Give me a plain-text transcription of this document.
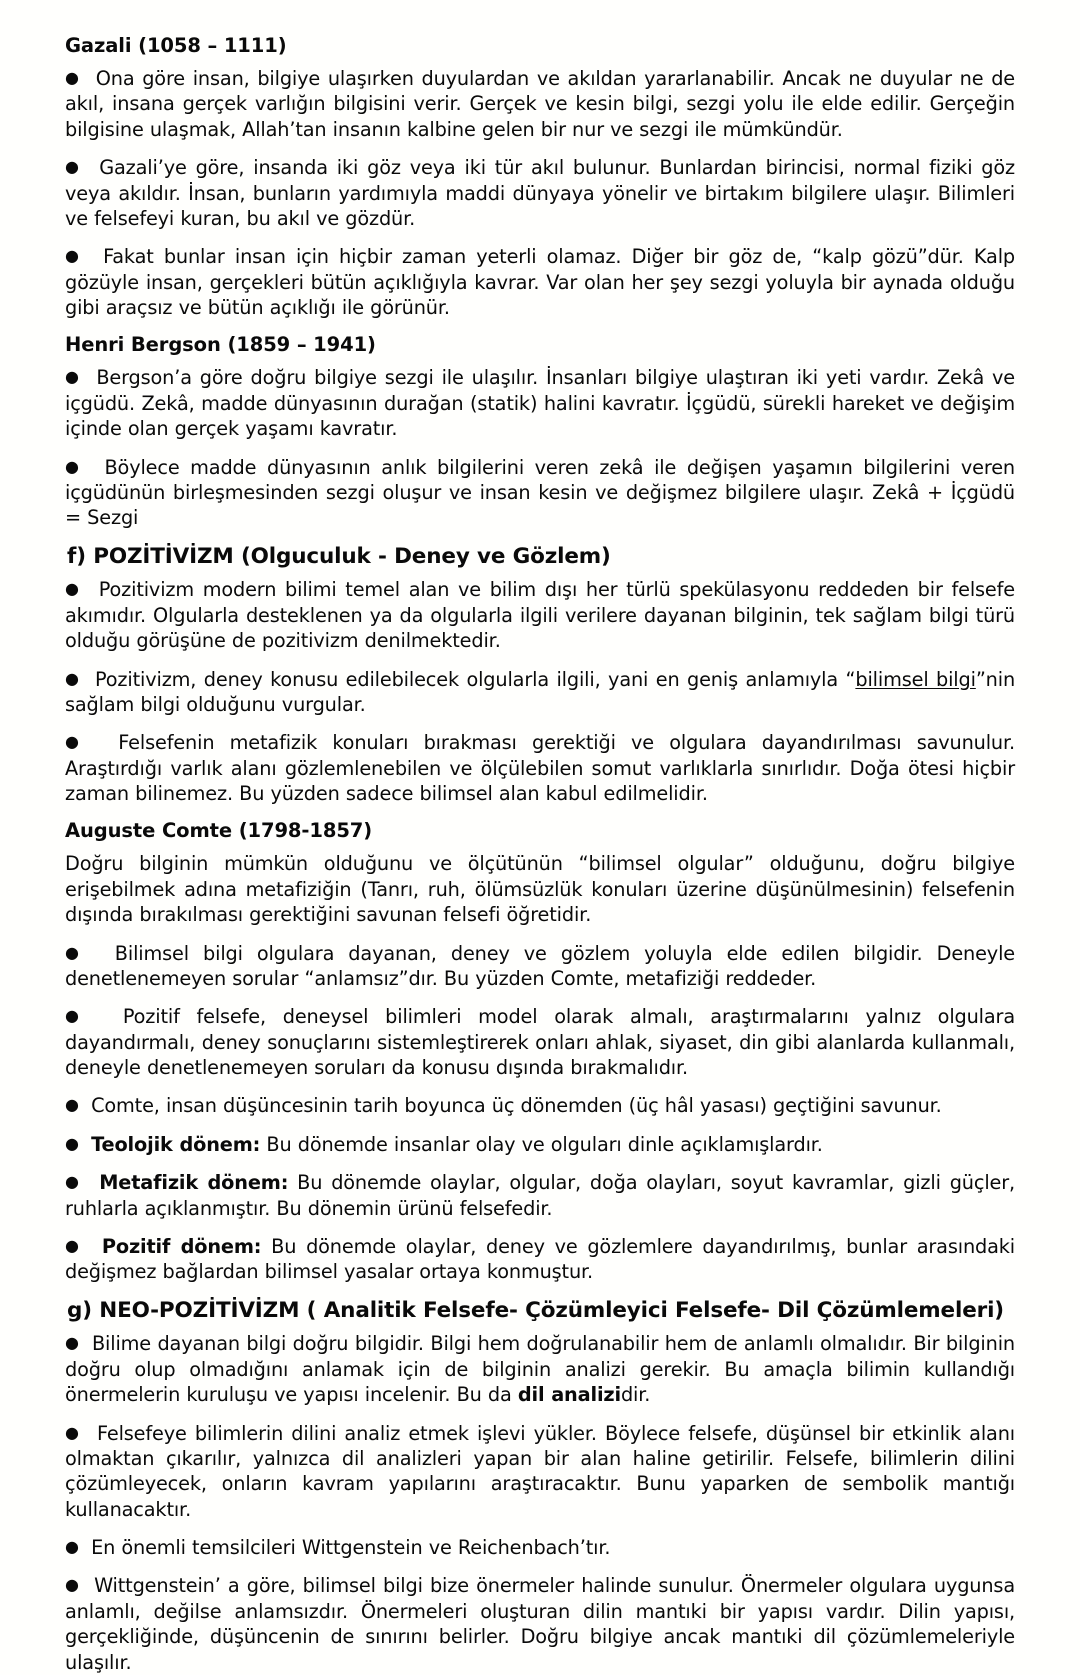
Gazali (1058 – 1111)

●  Ona göre insan, bilgiye ulaşırken duyulardan ve akıldan yararlanabilir. Ancak ne duyular ne de akıl, insana gerçek varlığın bilgisini verir. Gerçek ve kesin bilgi, sezgi yolu ile elde edilir. Gerçeğin bilgisine ulaşmak, Allah’tan insanın kalbine gelen bir nur ve sezgi ile mümkündür.

●  Gazali’ye göre, insanda iki göz veya iki tür akıl bulunur. Bunlardan birincisi, normal fiziki göz veya akıldır. İnsan, bunların yardımıyla maddi dünyaya yönelir ve birtakım bilgilere ulaşır. Bilimleri ve felsefeyi kuran, bu akıl ve gözdür.

●  Fakat bunlar insan için hiçbir zaman yeterli olamaz. Diğer bir göz de, “kalp gözü”dür. Kalp gözüyle insan, gerçekleri bütün açıklığıyla kavrar. Var olan her şey sezgi yoluyla bir aynada olduğu gibi araçsız ve bütün açıklığı ile görünür.

Henri Bergson (1859 – 1941)

●  Bergson’a göre doğru bilgiye sezgi ile ulaşılır. İnsanları bilgiye ulaştıran iki yeti vardır. Zekâ ve içgüdü. Zekâ, madde dünyasının durağan (statik) halini kavratır. İçgüdü, sürekli hareket ve değişim içinde olan gerçek yaşamı kavratır.

●  Böylece madde dünyasının anlık bilgilerini veren zekâ ile değişen yaşamın bilgilerini veren içgüdünün birleşmesinden sezgi oluşur ve insan kesin ve değişmez bilgilere ulaşır. Zekâ + İçgüdü = Sezgi

f) POZİTİVİZM (Olguculuk - Deney ve Gözlem)

●  Pozitivizm modern bilimi temel alan ve bilim dışı her türlü spekülasyonu reddeden bir felsefe akımıdır. Olgularla desteklenen ya da olgularla ilgili verilere dayanan bilginin, tek sağlam bilgi türü olduğu görüşüne de pozitivizm denilmektedir.

●  Pozitivizm, deney konusu edilebilecek olgularla ilgili, yani en geniş anlamıyla “bilimsel bilgi”nin sağlam bilgi olduğunu vurgular.

●  Felsefenin metafizik konuları bırakması gerektiği ve olgulara dayandırılması savunulur. Araştırdığı varlık alanı gözlemlenebilen ve ölçülebilen somut varlıklarla sınırlıdır. Doğa ötesi hiçbir zaman bilinemez. Bu yüzden sadece bilimsel alan kabul edilmelidir.

Auguste Comte (1798-1857)

Doğru bilginin mümkün olduğunu ve ölçütünün “bilimsel olgular” olduğunu, doğru bilgiye erişebilmek adına metafiziğin (Tanrı, ruh, ölümsüzlük konuları üzerine düşünülmesinin) felsefenin dışında bırakılması gerektiğini savunan felsefi öğretidir.

●  Bilimsel bilgi olgulara dayanan, deney ve gözlem yoluyla elde edilen bilgidir. Deneyle denetlenemeyen sorular “anlamsız”dır. Bu yüzden Comte, metafiziği reddeder.

●  Pozitif felsefe, deneysel bilimleri model olarak almalı, araştırmalarını yalnız olgulara dayandırmalı, deney sonuçlarını sistemleştirerek onları ahlak, siyaset, din gibi alanlarda kullanmalı, deneyle denetlenemeyen soruları da konusu dışında bırakmalıdır.

●  Comte, insan düşüncesinin tarih boyunca üç dönemden (üç hâl yasası) geçtiğini savunur.

●  Teolojik dönem: Bu dönemde insanlar olay ve olguları dinle açıklamışlardır.

●  Metafizik dönem: Bu dönemde olaylar, olgular, doğa olayları, soyut kavramlar, gizli güçler, ruhlarla açıklanmıştır. Bu dönemin ürünü felsefedir.

●  Pozitif dönem: Bu dönemde olaylar, deney ve gözlemlere dayandırılmış, bunlar arasındaki değişmez bağlardan bilimsel yasalar ortaya konmuştur.

g) NEO-POZİTİVİZM ( Analitik Felsefe- Çözümleyici Felsefe- Dil Çözümlemeleri)

●  Bilime dayanan bilgi doğru bilgidir. Bilgi hem doğrulanabilir hem de anlamlı olmalıdır. Bir bilginin doğru olup olmadığını anlamak için de bilginin analizi gerekir. Bu amaçla bilimin kullandığı önermelerin kuruluşu ve yapısı incelenir. Bu da dil analizidir.

●  Felsefeye bilimlerin dilini analiz etmek işlevi yükler. Böylece felsefe, düşünsel bir etkinlik alanı olmaktan çıkarılır, yalnızca dil analizleri yapan bir alan haline getirilir. Felsefe, bilimlerin dilini çözümleyecek, onların kavram yapılarını araştıracaktır. Bunu yaparken de sembolik mantığı kullanacaktır.

●  En önemli temsilcileri Wittgenstein ve Reichenbach’tır.

●  Wittgenstein’ a göre, bilimsel bilgi bize önermeler halinde sunulur. Önermeler olgulara uygunsa anlamlı, değilse anlamsızdır. Önermeleri oluşturan dilin mantıki bir yapısı vardır. Dilin yapısı, gerçekliğinde, düşüncenin de sınırını belirler. Doğru bilgiye ancak mantıki dil çözümlemeleriyle ulaşılır.
